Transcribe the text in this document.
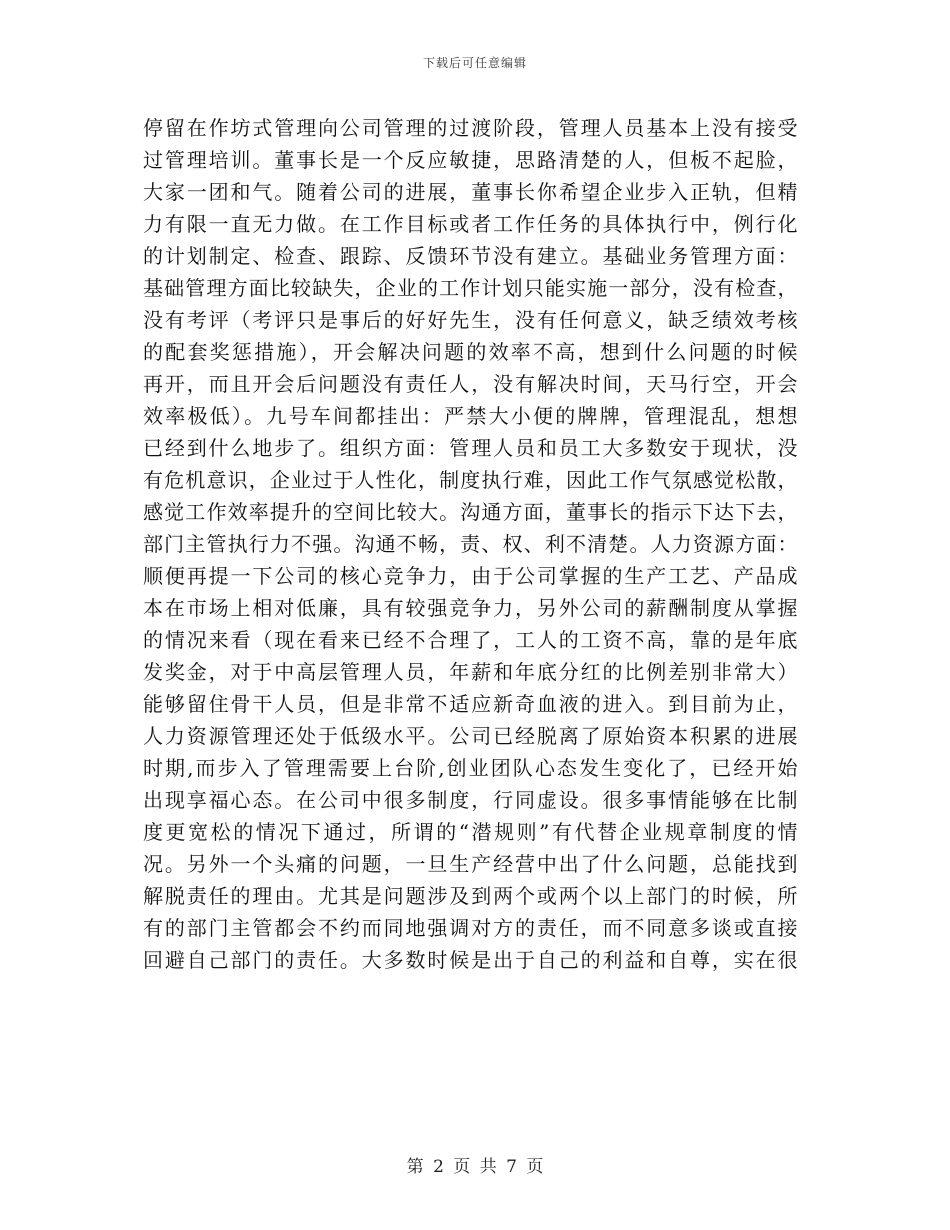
下载后可任意编辑
停留在作坊式管理向公司管理的过渡阶段，管理人员基本上没有接受
过管理培训。董事长是一个反应敏捷，思路清楚的人，但板不起脸，
大家一团和气。随着公司的进展，董事长你希望企业步入正轨，但精
力有限一直无力做。在工作目标或者工作任务的具体执行中，例行化
的计划制定、检查、跟踪、反馈环节没有建立。基础业务管理方面：
基础管理方面比较缺失，企业的工作计划只能实施一部分，没有检查，
没有考评（考评只是事后的好好先生，没有任何意义，缺乏绩效考核
的配套奖惩措施），开会解决问题的效率不高，想到什么问题的时候
再开，而且开会后问题没有责任人，没有解决时间，天马行空，开会
效率极低）。九号车间都挂出：严禁大小便的牌牌，管理混乱，想想
已经到什么地步了。组织方面：管理人员和员工大多数安于现状，没
有危机意识，企业过于人性化，制度执行难，因此工作气氛感觉松散，
感觉工作效率提升的空间比较大。沟通方面，董事长的指示下达下去，
部门主管执行力不强。沟通不畅，责、权、利不清楚。人力资源方面：
顺便再提一下公司的核心竞争力，由于公司掌握的生产工艺、产品成
本在市场上相对低廉，具有较强竞争力，另外公司的薪酬制度从掌握
的情况来看（现在看来已经不合理了，工人的工资不高，靠的是年底
发奖金，对于中高层管理人员，年薪和年底分红的比例差别非常大）
能够留住骨干人员，但是非常不适应新奇血液的进入。到目前为止，
人力资源管理还处于低级水平。公司已经脱离了原始资本积累的进展
时期,而步入了管理需要上台阶,创业团队心态发生变化了，已经开始
出现享福心态。在公司中很多制度，行同虚设。很多事情能够在比制
度更宽松的情况下通过，所谓的“潜规则”有代替企业规章制度的情
况。另外一个头痛的问题，一旦生产经营中出了什么问题，总能找到
解脱责任的理由。尤其是问题涉及到两个或两个以上部门的时候，所
有的部门主管都会不约而同地强调对方的责任，而不同意多谈或直接
回避自己部门的责任。大多数时候是出于自己的利益和自尊，实在很
第 2 页 共 7 页
